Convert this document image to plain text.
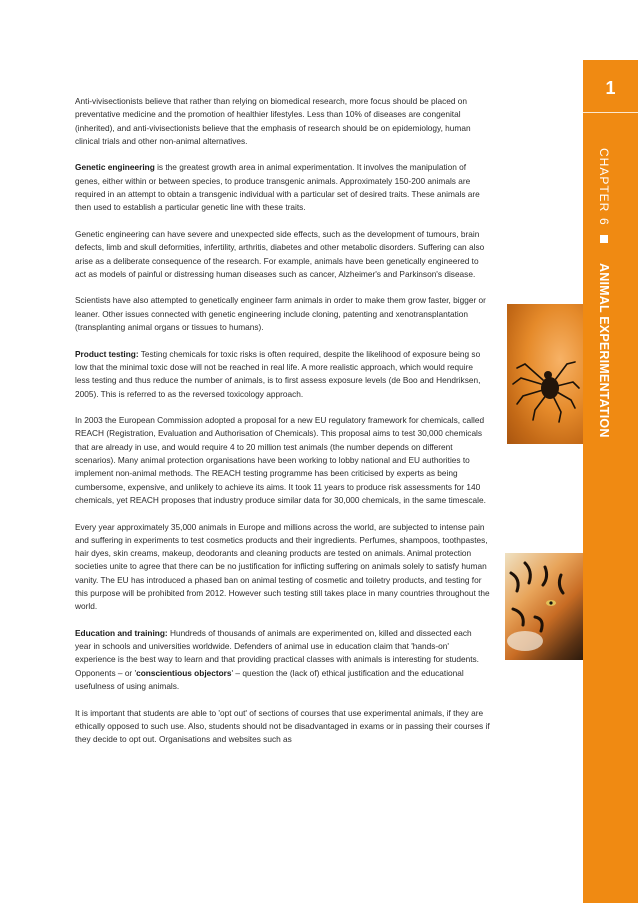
Anti-vivisectionists believe that rather than relying on biomedical research, more focus should be placed on preventative medicine and the promotion of healthier lifestyles. Less than 10% of diseases are congenital (inherited), and anti-vivisectionists believe that the emphasis of research should be on epidemiology, human clinical trials and other non-animal alternatives.

Genetic engineering is the greatest growth area in animal experimentation. It involves the manipulation of genes, either within or between species, to produce transgenic animals. Approximately 150-200 animals are required in an attempt to obtain a transgenic individual with a particular set of desired traits. These animals are then used to establish a particular genetic line with these traits.

Genetic engineering can have severe and unexpected side effects, such as the development of tumours, brain defects, limb and skull deformities, infertility, arthritis, diabetes and other metabolic disorders. Suffering can also arise as a deliberate consequence of the research. For example, animals have been genetically engineered to act as models of painful or distressing human diseases such as cancer, Alzheimer's and Parkinson's disease.

Scientists have also attempted to genetically engineer farm animals in order to make them grow faster, bigger or leaner. Other issues connected with genetic engineering include cloning, patenting and xenotransplantation (transplanting animal organs or tissues to humans).

Product testing: Testing chemicals for toxic risks is often required, despite the likelihood of exposure being so low that the minimal toxic dose will not be reached in real life. A more realistic approach, which would require less testing and thus reduce the number of animals, is to first assess exposure levels (de Boo and Hendriksen, 2005). This is referred to as the reversed toxicology approach.

In 2003 the European Commission adopted a proposal for a new EU regulatory framework for chemicals, called REACH (Registration, Evaluation and Authorisation of Chemicals). This proposal aims to test 30,000 chemicals that are already in use, and would require 4 to 20 million test animals (the number depends on different scenarios). Many animal protection organisations have been working to lobby national and EU authorities to implement non-animal methods. The REACH testing programme has been criticised by experts as being cumbersome, expensive, and unlikely to achieve its aims. It took 11 years to produce risk assessments for 140 chemicals, yet REACH proposes that industry produce similar data for 30,000 chemicals, in the same timescale.

Every year approximately 35,000 animals in Europe and millions across the world, are subjected to intense pain and suffering in experiments to test cosmetics products and their ingredients. Perfumes, shampoos, toothpastes, hair dyes, skin creams, makeup, deodorants and cleaning products are tested on animals. Animal protection societies unite to agree that there can be no justification for inflicting suffering on animals solely to satisfy human vanity. The EU has introduced a phased ban on animal testing of cosmetic and toiletry products, and testing for this purpose will be prohibited from 2012. However such testing still takes place in many countries throughout the world.

Education and training: Hundreds of thousands of animals are experimented on, killed and dissected each year in schools and universities worldwide. Defenders of animal use in education claim that 'hands-on' experience is the best way to learn and that providing practical classes with animals is interesting for students. Opponents – or 'conscientious objectors' – question the (lack of) ethical justification and the educational usefulness of using animals.

It is important that students are able to 'opt out' of sections of courses that use experimental animals, if they are ethically opposed to such use. Also, students should not be disadvantaged in exams or in passing their courses if they decide to opt out. Organisations and websites such as

1
CHAPTER
6
ANIMAL EXPERIMENTATION
